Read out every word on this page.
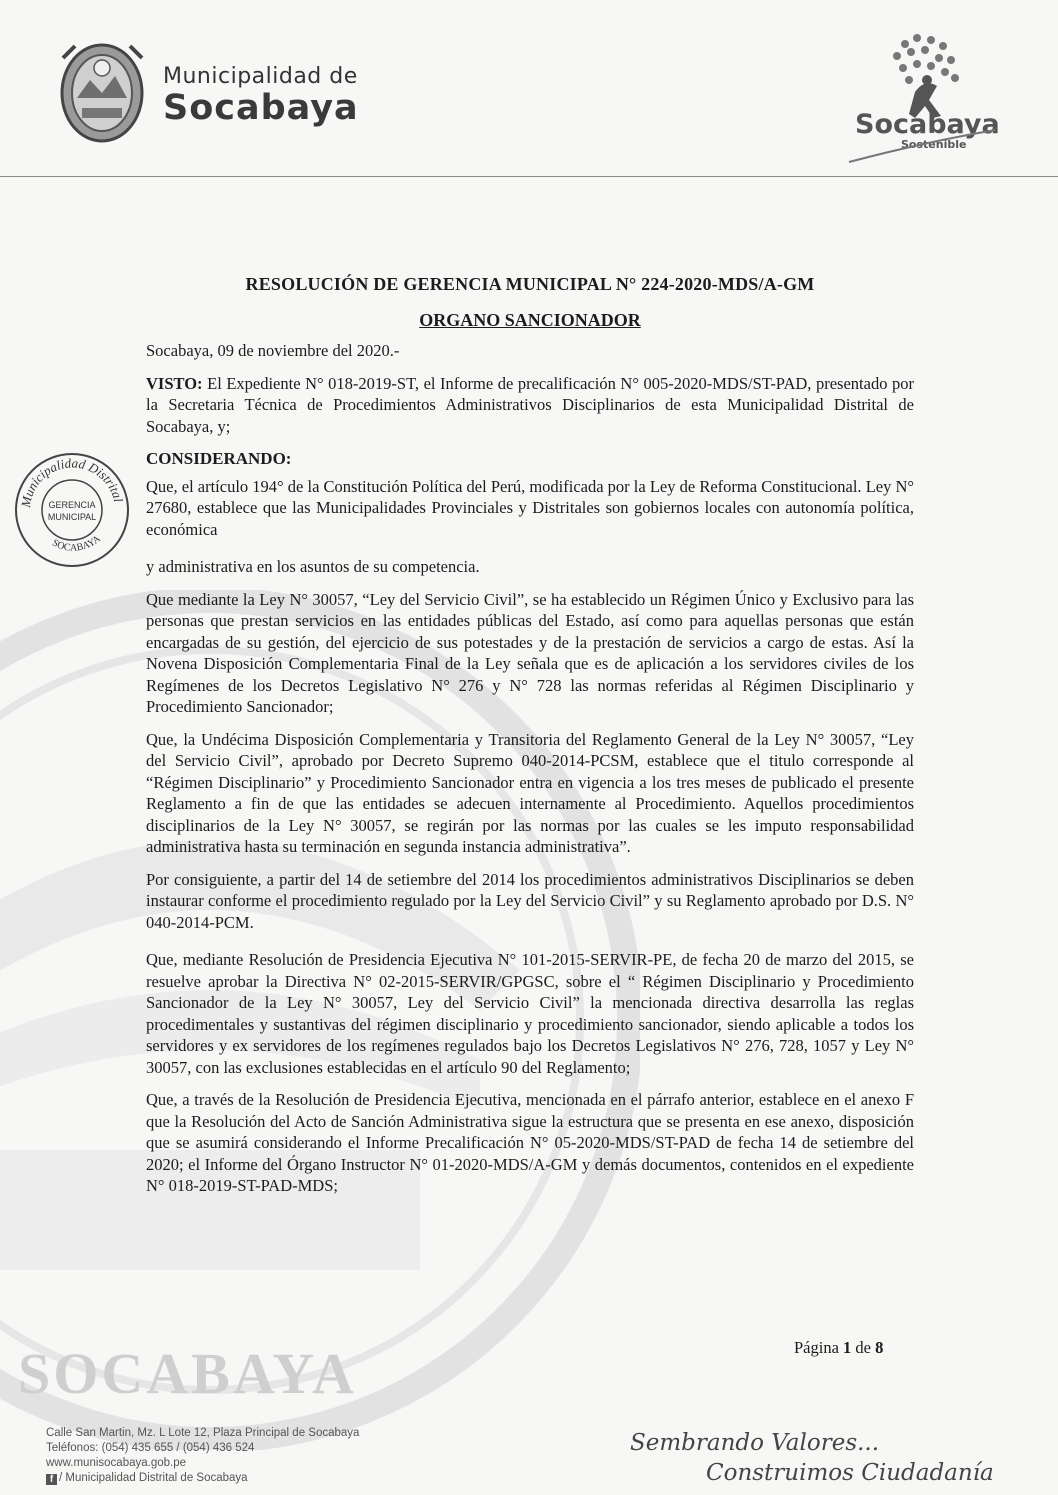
SOCABAYA
Municipalidad de
Socabaya	Socabaya
Sostenible
Municipalidad Distrital
SOCABAYA
GERENCIA
MUNICIPAL
RESOLUCIÓN DE GERENCIA MUNICIPAL N° 224-2020-MDS/A-GM
ORGANO SANCIONADOR

Socabaya, 09 de noviembre del 2020.-

VISTO: El Expediente N° 018-2019-ST, el Informe de precalificación N° 005-2020-MDS/ST-PAD, presentado por la Secretaria Técnica de Procedimientos Administrativos Disciplinarios de esta Municipalidad Distrital de Socabaya, y;

CONSIDERANDO:

Que, el artículo 194° de la Constitución Política del Perú, modificada por la Ley de Reforma Constitucional. Ley N° 27680, establece que las Municipalidades Provinciales y Distritales son gobiernos locales con autonomía política, económica

y administrativa en los asuntos de su competencia.

Que mediante la Ley N° 30057, “Ley del Servicio Civil”, se ha establecido un Régimen Único y Exclusivo para las personas que prestan servicios en las entidades públicas del Estado, así como para aquellas personas que están encargadas de su gestión, del ejercicio de sus potestades y de la prestación de servicios a cargo de estas. Así la Novena Disposición Complementaria Final de la Ley señala que es de aplicación a los servidores civiles de los Regímenes de los Decretos Legislativo N° 276 y N° 728 las normas referidas al Régimen Disciplinario y Procedimiento Sancionador;

Que, la Undécima Disposición Complementaria y Transitoria del Reglamento General de la Ley N° 30057, “Ley del Servicio Civil”, aprobado por Decreto Supremo 040-2014-PCSM, establece que el titulo corresponde al “Régimen Disciplinario” y Procedimiento Sancionador entra en vigencia a los tres meses de publicado el presente Reglamento a fin de que las entidades se adecuen internamente al Procedimiento. Aquellos procedimientos disciplinarios de la Ley N° 30057, se regirán por las normas por las cuales se les imputo responsabilidad administrativa hasta su terminación en segunda instancia administrativa”.

Por consiguiente, a partir del 14 de setiembre del 2014 los procedimientos administrativos Disciplinarios se deben instaurar conforme el procedimiento regulado por la Ley del Servicio Civil” y su Reglamento aprobado por D.S. N° 040-2014-PCM.

Que, mediante Resolución de Presidencia Ejecutiva N° 101-2015-SERVIR-PE, de fecha 20 de marzo del 2015, se resuelve aprobar la Directiva N° 02-2015-SERVIR/GPGSC, sobre el “ Régimen Disciplinario y Procedimiento Sancionador de la Ley N° 30057, Ley del Servicio Civil” la mencionada directiva desarrolla las reglas procedimentales y sustantivas del régimen disciplinario y procedimiento sancionador, siendo aplicable a todos los servidores y ex servidores de los regímenes regulados bajo los Decretos Legislativos N° 276, 728, 1057 y Ley N° 30057, con las exclusiones establecidas en el artículo 90 del Reglamento;

Que, a través de la Resolución de Presidencia Ejecutiva, mencionada en el párrafo anterior, establece en el anexo F que la Resolución del Acto de Sanción Administrativa sigue la estructura que se presenta en ese anexo, disposición que se asumirá considerando el Informe Precalificación N° 05-2020-MDS/ST-PAD de fecha 14 de setiembre del 2020; el Informe del Órgano Instructor N° 01-2020-MDS/A-GM y demás documentos, contenidos en el expediente N° 018-2019-ST-PAD-MDS;

Página 1 de 8
Calle San Martin, Mz. L Lote 12, Plaza Principal de Socabaya
Teléfonos: (054) 435 655 / (054) 436 524
www.munisocabaya.gob.pe
f / Municipalidad Distrital de Socabaya
Sembrando Valores...
Construimos Ciudadanía
